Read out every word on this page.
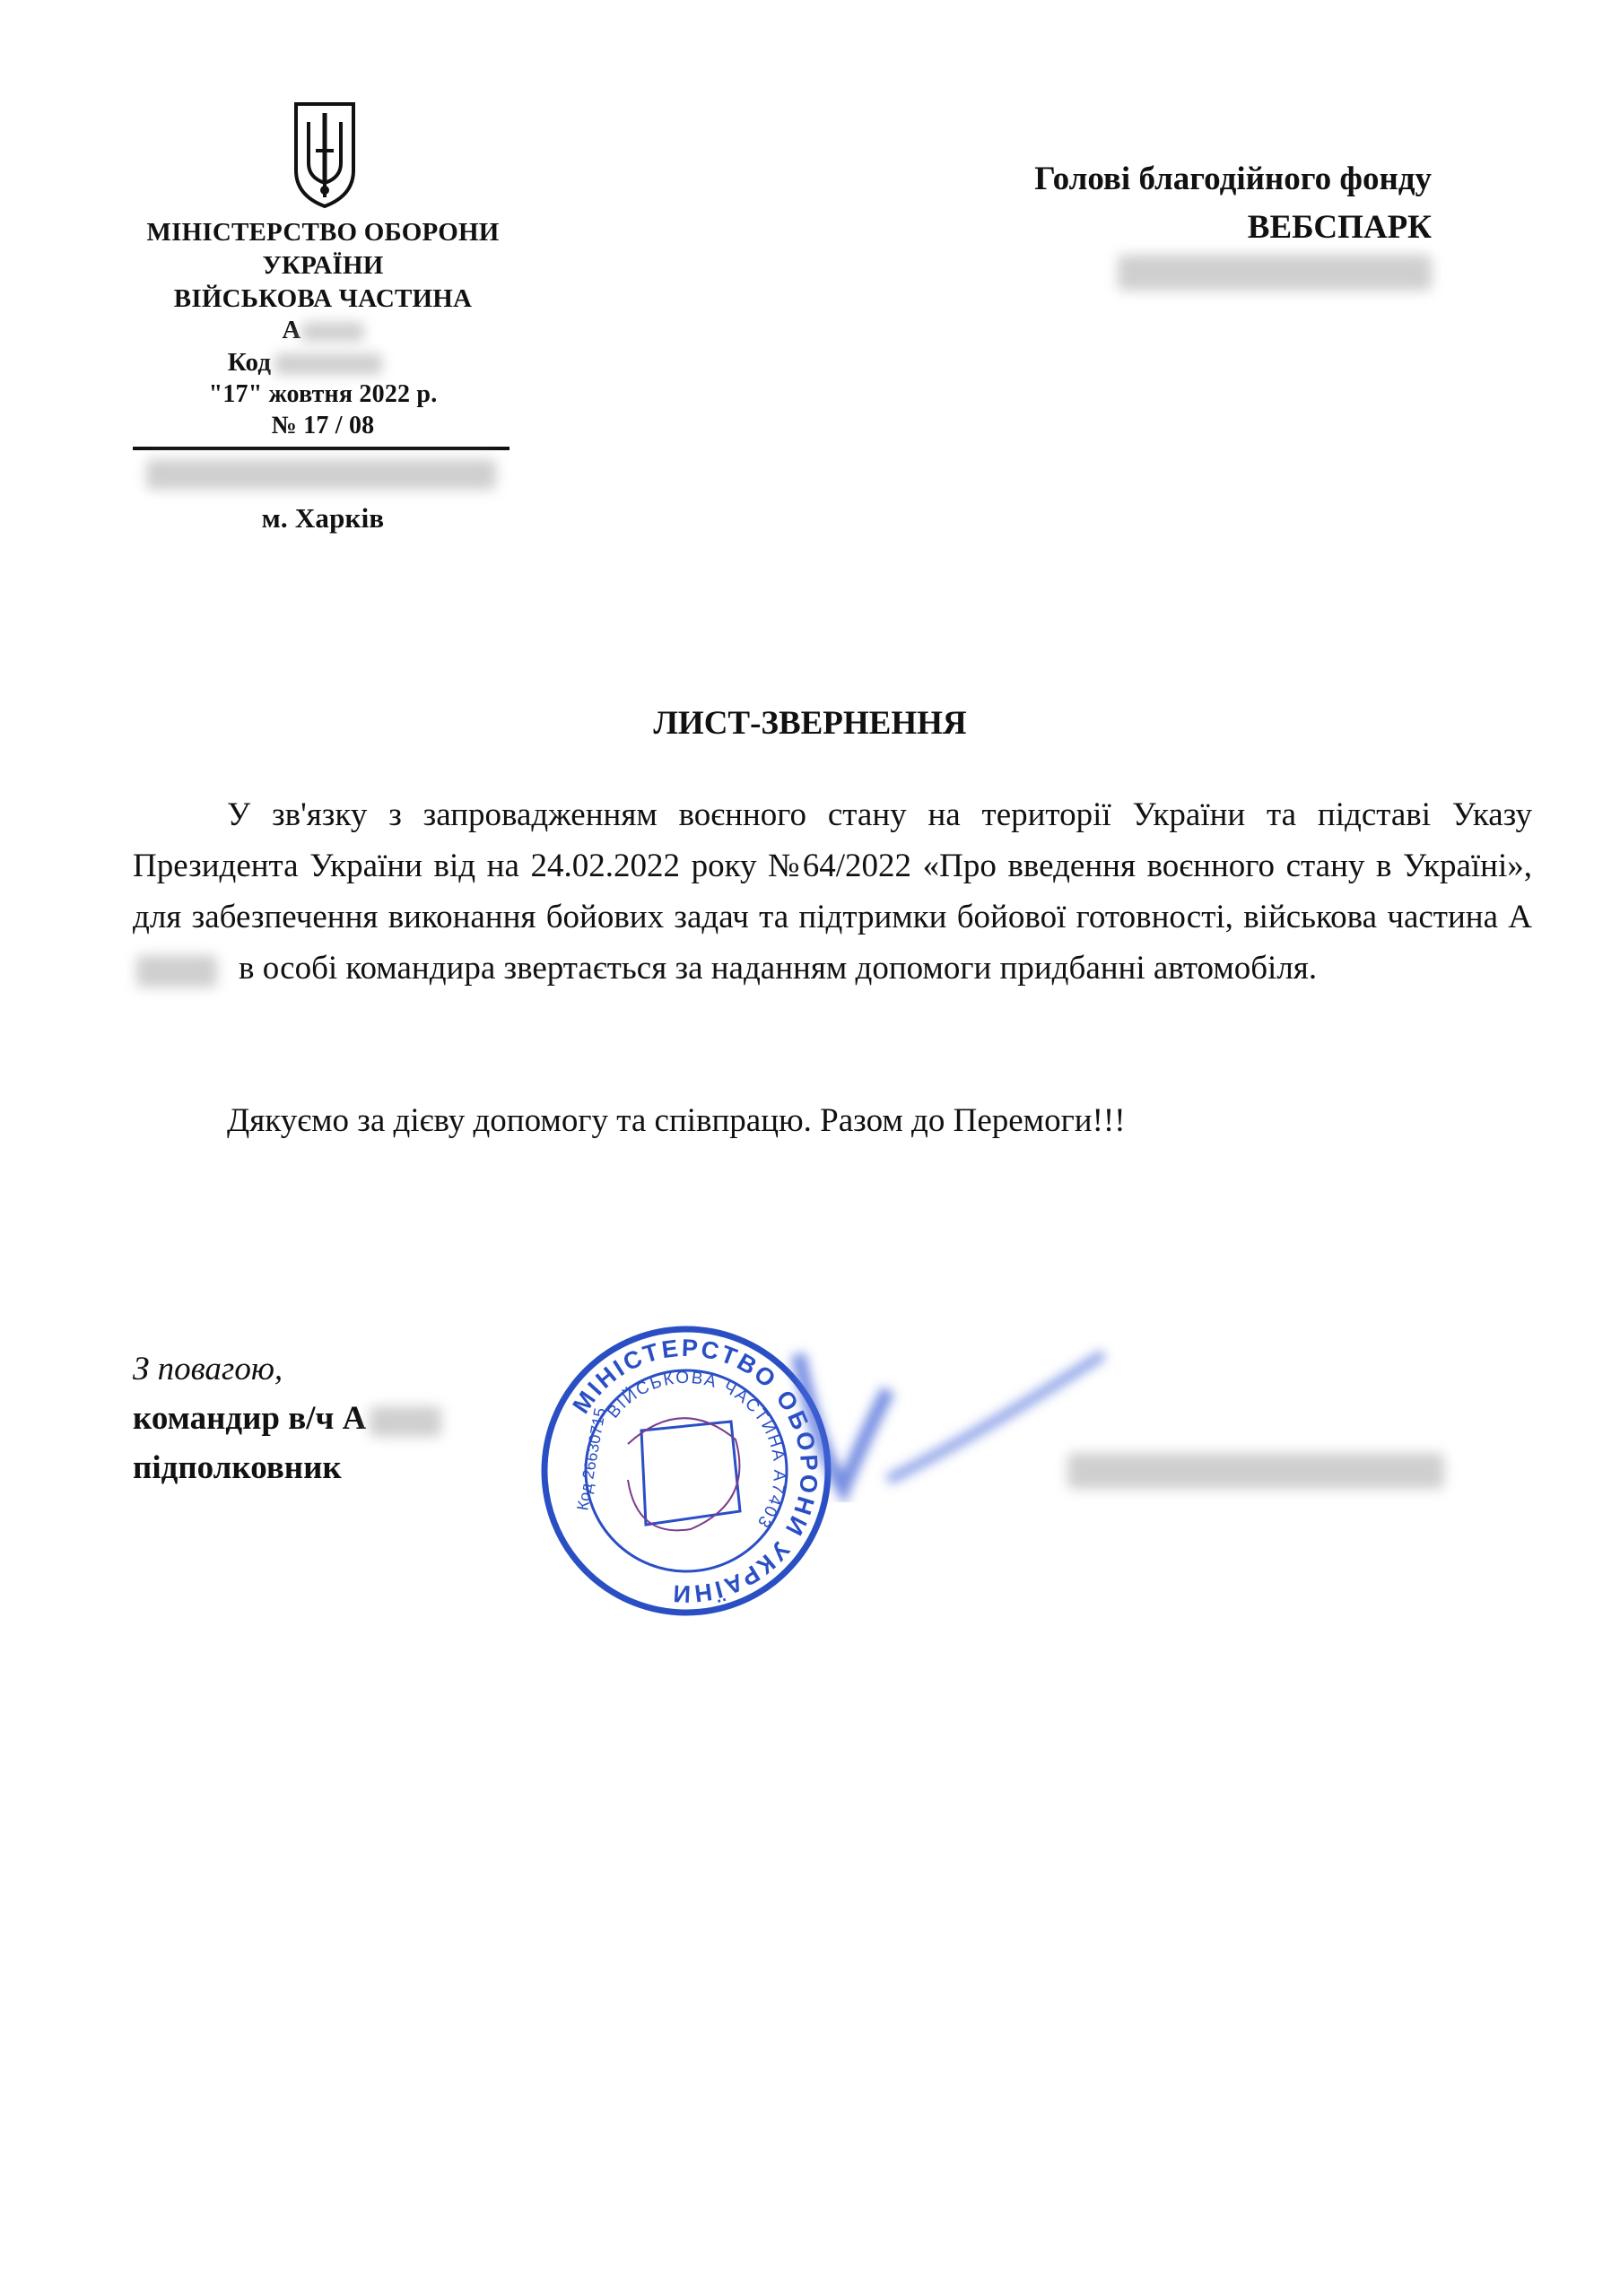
МІНІСТЕРСТВО ОБОРОНИ
УКРАЇНИ
ВІЙСЬКОВА ЧАСТИНА
А
Код
"17" жовтня 2022 р.
№ 17 / 08
м. Харків
Голові благодійного фонду
ВЕБСПАРК
ЛИСТ-ЗВЕРНЕННЯ
У зв'язку з запровадженням воєнного стану на території України та підставі Указу Президента України від на 24.02.2022 року №64/2022 «Про введення воєнного стану в Україні», для забезпечення виконання бойових задач та підтримки бойової готовності, військова частина Ав особі командира звертається за наданням допомоги придбанні автомобіля.
Дякуємо за дієву допомогу та співпрацю. Разом до Перемоги!!!
З повагою,
командир в/ч А
підполковник
МІНІСТЕРСТВО ОБОРОНИ УКРАЇНИ
ВІЙСЬКОВА ЧАСТИНА А7403
Код 26630715
